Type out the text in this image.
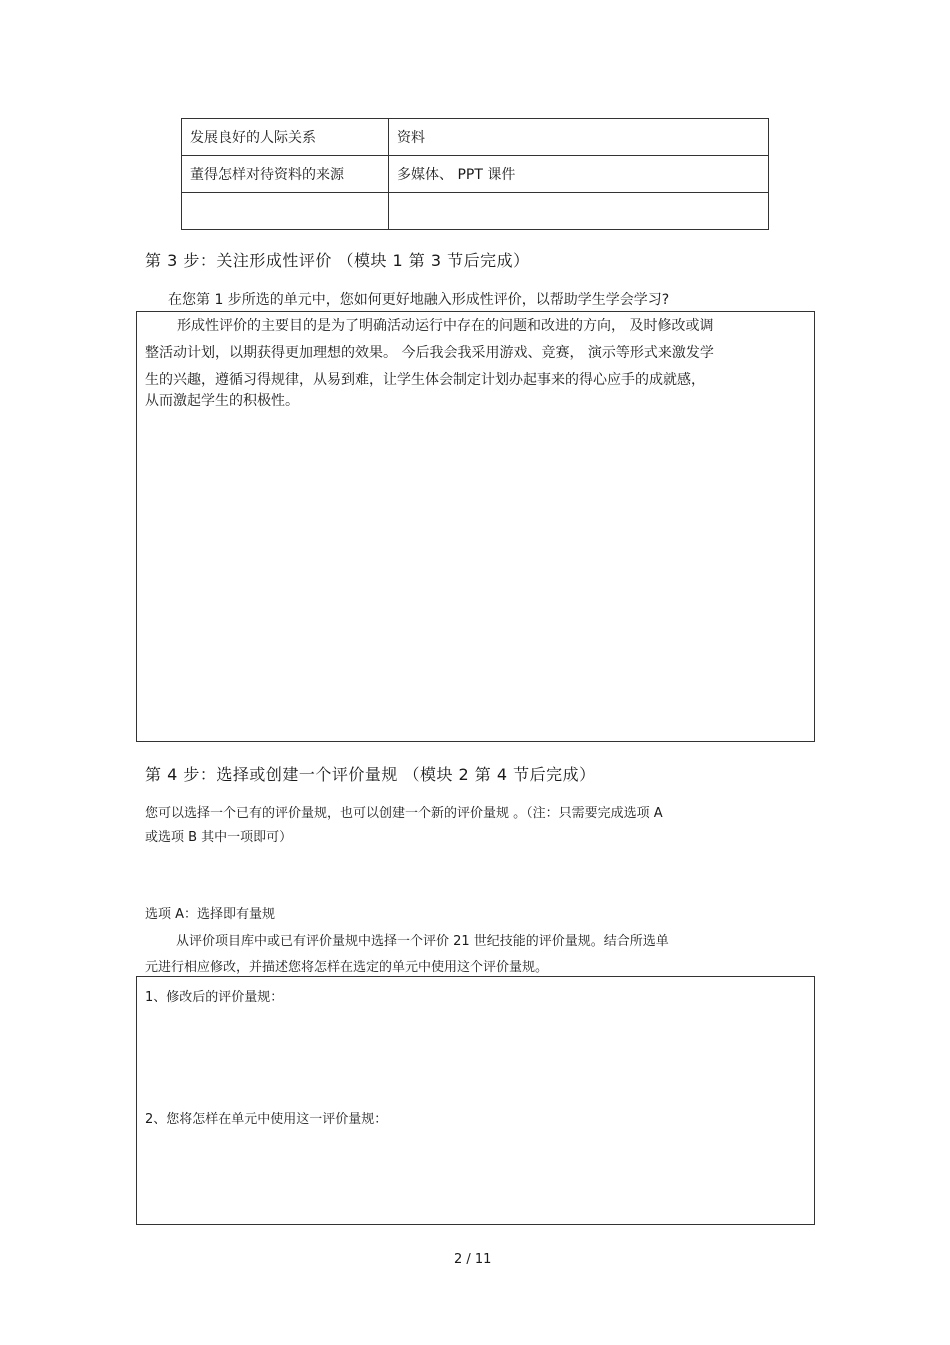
发展良好的人际关系	资料
董得怎样对待资料的来源	多媒体、 PPT 课件

第 3 步：关注形成性评价 （模块 1 第 3 节后完成）
在您第 1 步所选的单元中，您如何更好地融入形成性评价，以帮助学生学会学习?
形成性评价的主要目的是为了明确活动运行中存在的问题和改进的方向， 及时修改或调
整活动计划，以期获得更加理想的效果。 今后我会我采用游戏、竞赛， 演示等形式来激发学
生的兴趣，遵循习得规律，从易到难，让学生体会制定计划办起事来的得心应手的成就感，
从而激起学生的积极性。
第 4 步：选择或创建一个评价量规 （模块 2 第 4 节后完成）
您可以选择一个已有的评价量规，也可以创建一个新的评价量规 。（注：只需要完成选项 A
或选项 B 其中一项即可）
选项 A：选择即有量规
从评价项目库中或已有评价量规中选择一个评价 21 世纪技能的评价量规。结合所选单
元进行相应修改，并描述您将怎样在选定的单元中使用这个评价量规。
1、修改后的评价量规：
2、您将怎样在单元中使用这一评价量规：
2 / 11
